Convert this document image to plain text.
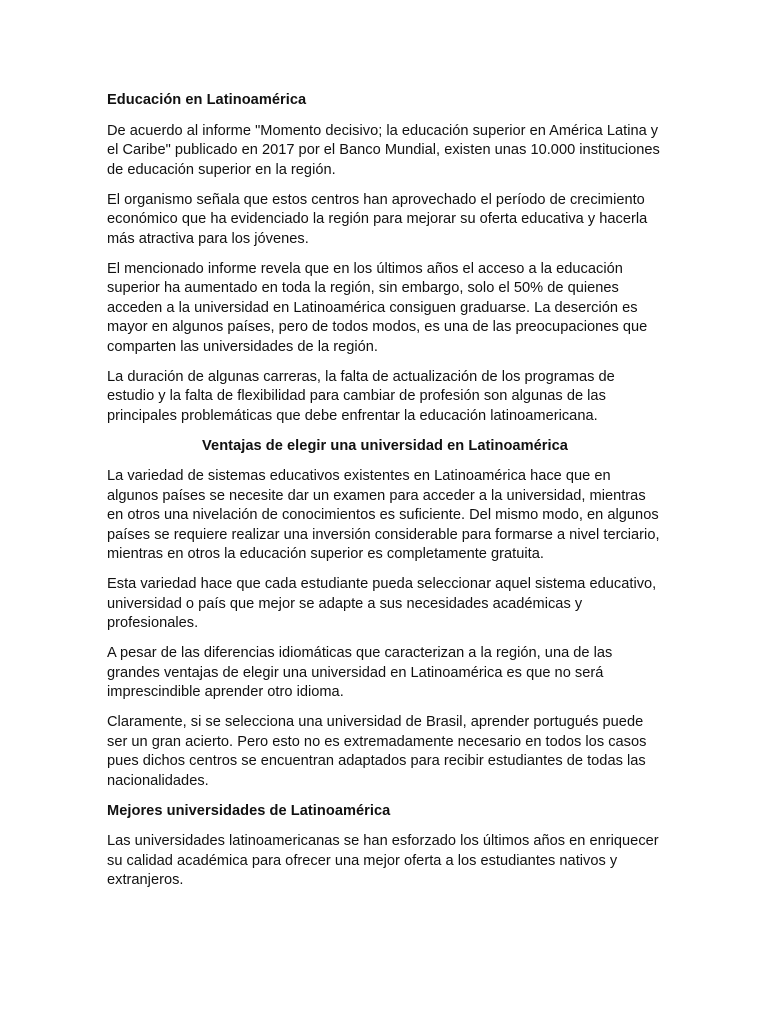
Educación en Latinoamérica

De acuerdo al informe "Momento decisivo; la educación superior en América Latina y el Caribe" publicado en 2017 por el Banco Mundial, existen unas 10.000 instituciones de educación superior en la región.

El organismo señala que estos centros han aprovechado el período de crecimiento económico que ha evidenciado la región para mejorar su oferta educativa y hacerla más atractiva para los jóvenes.

El mencionado informe revela que en los últimos años el acceso a la educación superior ha aumentado en toda la región, sin embargo, solo el 50% de quienes acceden a la universidad en Latinoamérica consiguen graduarse. La deserción es mayor en algunos países, pero de todos modos, es una de las preocupaciones que comparten las universidades de la región.

La duración de algunas carreras, la falta de actualización de los programas de estudio y la falta de flexibilidad para cambiar de profesión son algunas de las principales problemáticas que debe enfrentar la educación latinoamericana.

Ventajas de elegir una universidad en Latinoamérica

La variedad de sistemas educativos existentes en Latinoamérica hace que en algunos países se necesite dar un examen para acceder a la universidad, mientras en otros una nivelación de conocimientos es suficiente. Del mismo modo, en algunos países se requiere realizar una inversión considerable para formarse a nivel terciario, mientras en otros la educación superior es completamente gratuita.

Esta variedad hace que cada estudiante pueda seleccionar aquel sistema educativo, universidad o país que mejor se adapte a sus necesidades académicas y profesionales.

A pesar de las diferencias idiomáticas que caracterizan a la región, una de las grandes ventajas de elegir una universidad en Latinoamérica es que no será imprescindible aprender otro idioma.

Claramente, si se selecciona una universidad de Brasil, aprender portugués puede ser un gran acierto. Pero esto no es extremadamente necesario en todos los casos pues dichos centros se encuentran adaptados para recibir estudiantes de todas las nacionalidades.

Mejores universidades de Latinoamérica

Las universidades latinoamericanas se han esforzado los últimos años en enriquecer su calidad académica para ofrecer una mejor oferta a los estudiantes nativos y extranjeros.
